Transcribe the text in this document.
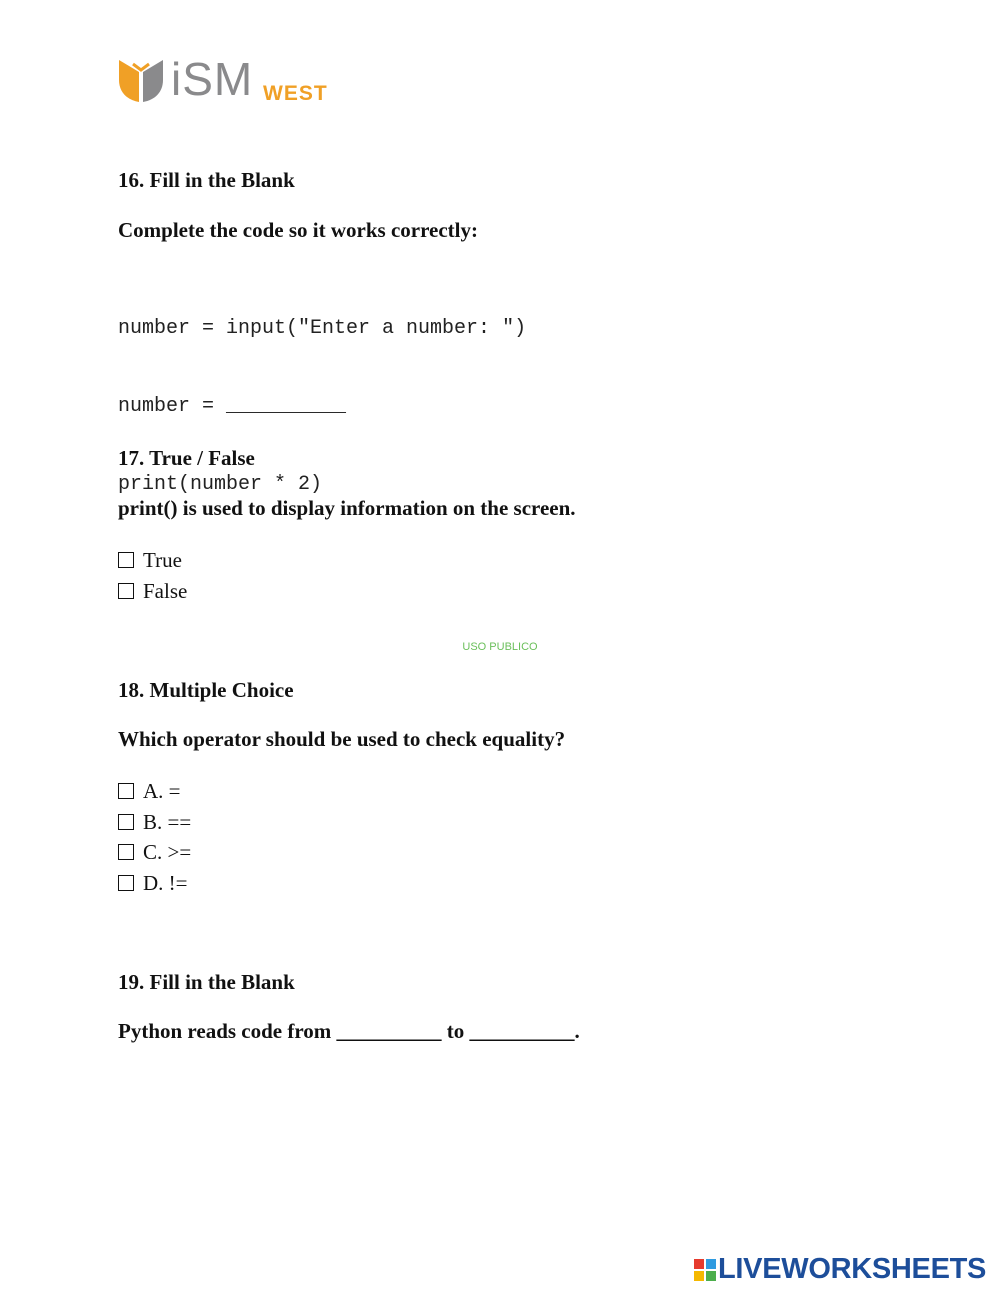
iSM WEST
16. Fill in the Blank
Complete the code so it works correctly:

number = input("Enter a number: ")

number = __________

print(number * 2)

17. True / False
print() is used to display information on the screen.
True
False
USO PUBLICO
18. Multiple Choice
Which operator should be used to check equality?
A. =
B. ==
C. >=
D. !=
19. Fill in the Blank
Python reads code from __________ to __________.
LIVEWORKSHEETS
